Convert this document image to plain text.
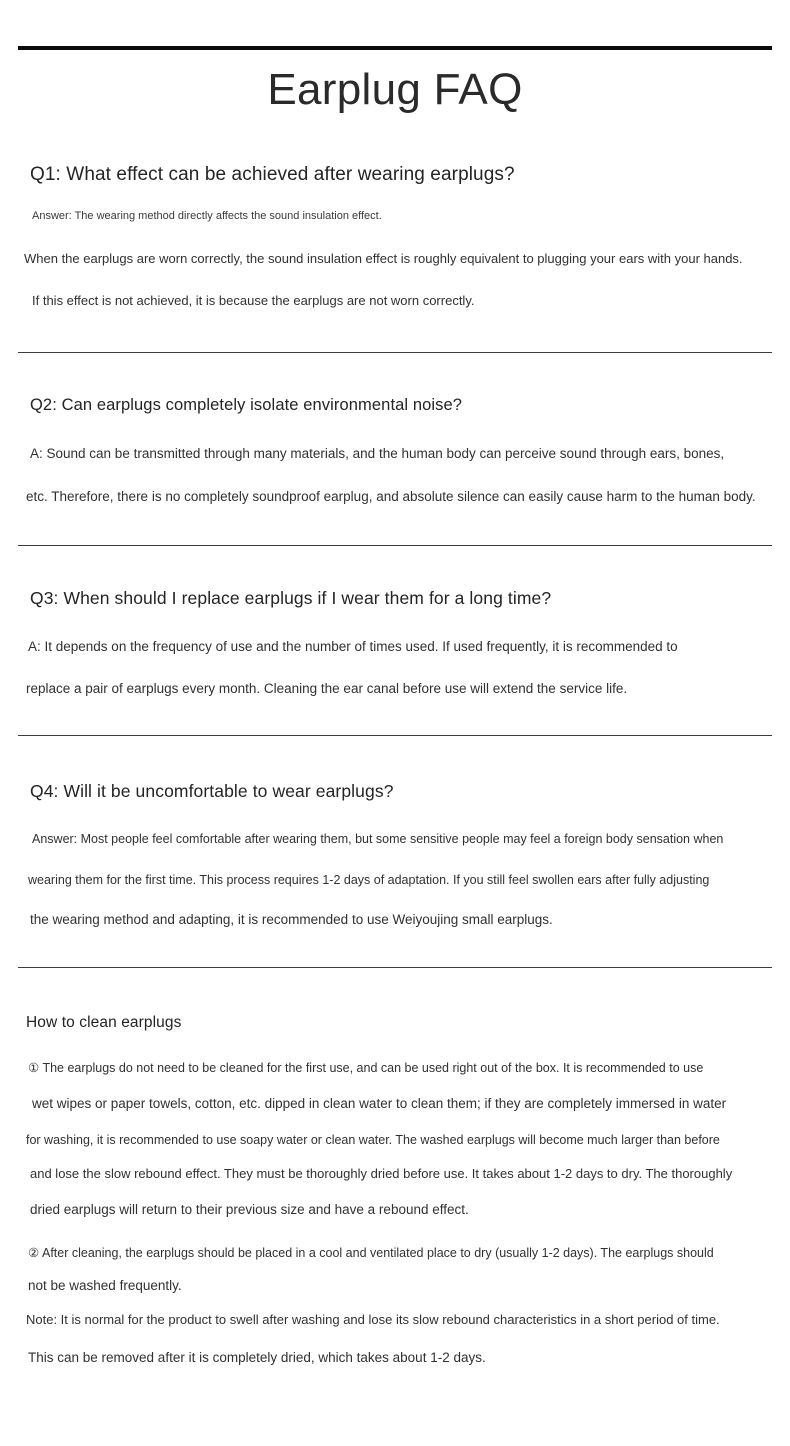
Earplug FAQ
Q1: What effect can be achieved after wearing earplugs?

Answer: The wearing method directly affects the sound insulation effect.

When the earplugs are worn correctly, the sound insulation effect is roughly equivalent to plugging your ears with your hands.

If this effect is not achieved, it is because the earplugs are not worn correctly.

Q2: Can earplugs completely isolate environmental noise?

A: Sound can be transmitted through many materials, and the human body can perceive sound through ears, bones,

etc. Therefore, there is no completely soundproof earplug, and absolute silence can easily cause harm to the human body.

Q3: When should I replace earplugs if I wear them for a long time?

A: It depends on the frequency of use and the number of times used. If used frequently, it is recommended to

replace a pair of earplugs every month. Cleaning the ear canal before use will extend the service life.

Q4: Will it be uncomfortable to wear earplugs?

Answer: Most people feel comfortable after wearing them, but some sensitive people may feel a foreign body sensation when

wearing them for the first time. This process requires 1-2 days of adaptation. If you still feel swollen ears after fully adjusting

the wearing method and adapting, it is recommended to use Weiyoujing small earplugs.

How to clean earplugs

① The earplugs do not need to be cleaned for the first use, and can be used right out of the box. It is recommended to use

wet wipes or paper towels, cotton, etc. dipped in clean water to clean them; if they are completely immersed in water

for washing, it is recommended to use soapy water or clean water. The washed earplugs will become much larger than before

and lose the slow rebound effect. They must be thoroughly dried before use. It takes about 1-2 days to dry. The thoroughly

dried earplugs will return to their previous size and have a rebound effect.

② After cleaning, the earplugs should be placed in a cool and ventilated place to dry (usually 1-2 days). The earplugs should

not be washed frequently.

Note: It is normal for the product to swell after washing and lose its slow rebound characteristics in a short period of time.

This can be removed after it is completely dried, which takes about 1-2 days.
